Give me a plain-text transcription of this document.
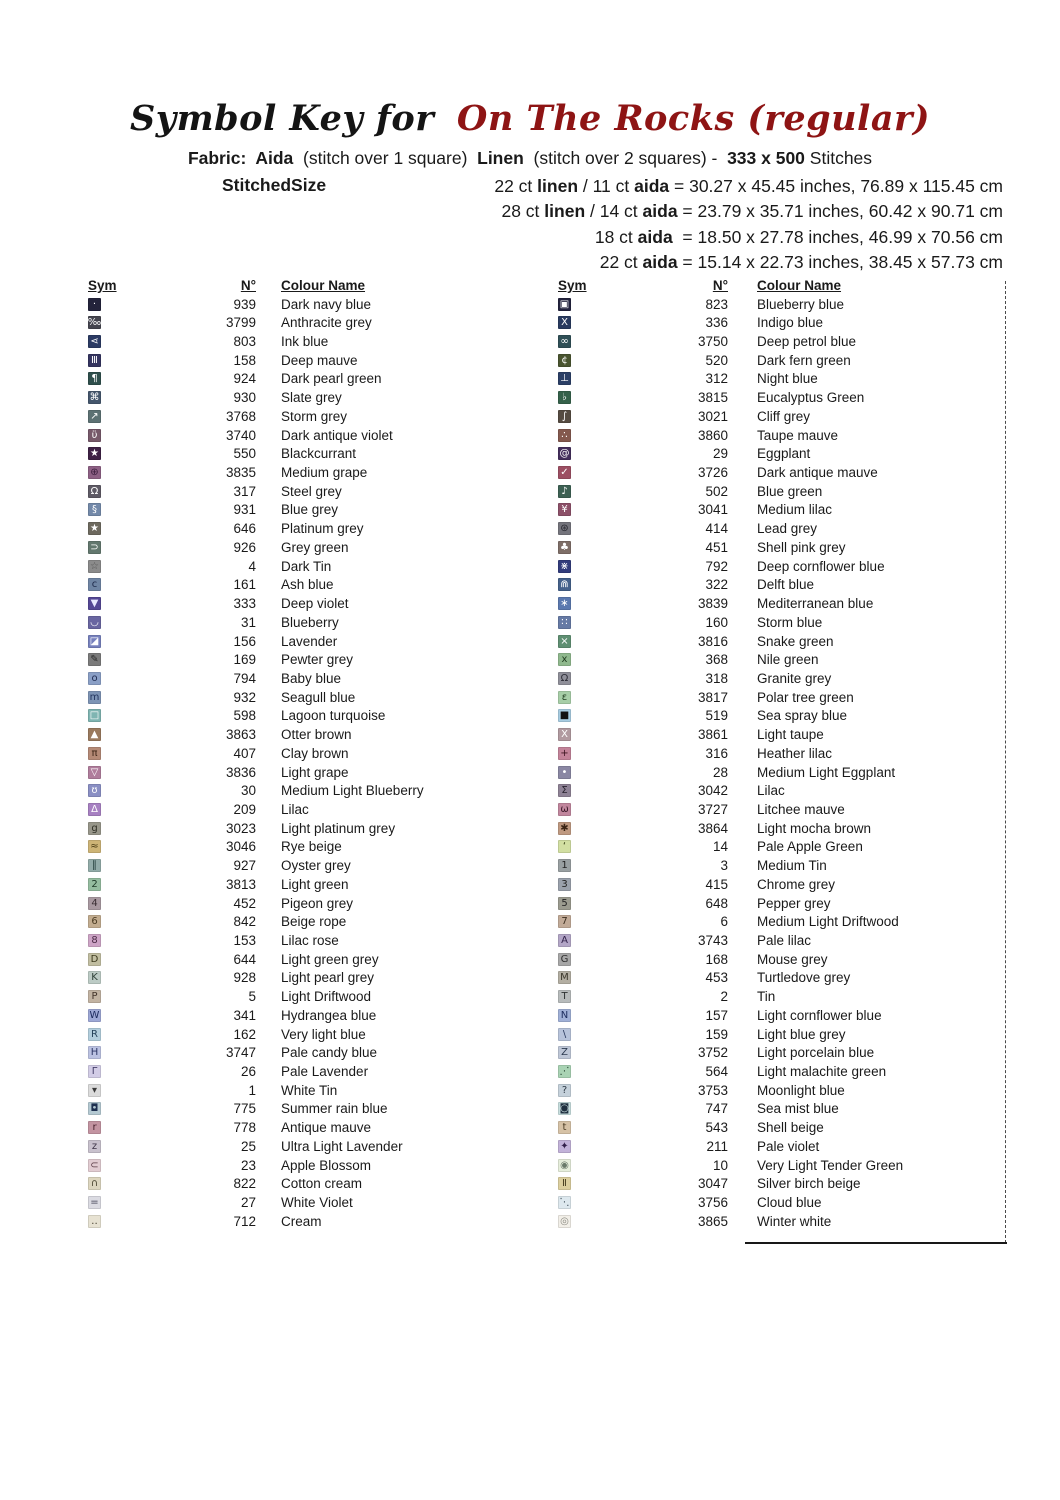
Symbol Key for On The Rocks (regular)
Fabric:  Aida  (stitch over 1 square)  Linen  (stitch over 2 squares) -  333 x 500 Stitches
StitchedSize	22 ct linen / 11 ct aida = 30.27 x 45.45 inches, 76.89 x 115.45 cm
28 ct linen / 14 ct aida = 23.79 x 35.71 inches, 60.42 x 90.71 cm
18 ct aida  = 18.50 x 27.78 inches, 46.99 x 70.56 cm
22 ct aida = 15.14 x 22.73 inches, 38.45 x 57.73 cm
Sym	N°	Colour Name
·	939	Dark navy blue
‰	3799	Anthracite grey
⋖	803	Ink blue
Ⅲ	158	Deep mauve
¶	924	Dark pearl green
⌘	930	Slate grey
↗	3768	Storm grey
ϋ	3740	Dark antique violet
★	550	Blackcurrant
⊕	3835	Medium grape
Ω	317	Steel grey
§	931	Blue grey
★	646	Platinum grey
⊃	926	Grey green
☆	4	Dark Tin
c	161	Ash blue
▼	333	Deep violet
◡	31	Blueberry
◪	156	Lavender
✎	169	Pewter grey
o	794	Baby blue
m	932	Seagull blue
□	598	Lagoon turquoise
▲	3863	Otter brown
π	407	Clay brown
▽	3836	Light grape
ʊ	30	Medium Light Blueberry
Δ	209	Lilac
g	3023	Light platinum grey
≈	3046	Rye beige
∥	927	Oyster grey
2	3813	Light green
4	452	Pigeon grey
6	842	Beige rope
8	153	Lilac rose
D	644	Light green grey
K	928	Light pearl grey
P	5	Light Driftwood
W	341	Hydrangea blue
R	162	Very light blue
H	3747	Pale candy blue
Γ	26	Pale Lavender
▾	1	White Tin
◘	775	Summer rain blue
r	778	Antique mauve
z	25	Ultra Light Lavender
⊂	23	Apple Blossom
∩	822	Cotton cream
=	27	White Violet
‥	712	Cream
Sym	N°	Colour Name
▣	823	Blueberry blue
X	336	Indigo blue
∞	3750	Deep petrol blue
¢	520	Dark fern green
⊥	312	Night blue
♭	3815	Eucalyptus Green
∫	3021	Cliff grey
∴	3860	Taupe mauve
@	29	Eggplant
✓	3726	Dark antique mauve
♪	502	Blue green
¥	3041	Medium lilac
⊛	414	Lead grey
♣	451	Shell pink grey
⋇	792	Deep cornflower blue
⋒	322	Delft blue
∗	3839	Mediterranean blue
∷	160	Storm blue
×	3816	Snake green
x	368	Nile green
Ω	318	Granite grey
ε	3817	Polar tree green
■	519	Sea spray blue
X	3861	Light taupe
+	316	Heather lilac
•	28	Medium Light Eggplant
Σ	3042	Lilac
ω	3727	Litchee mauve
✱	3864	Light mocha brown
‘	14	Pale Apple Green
1	3	Medium Tin
3	415	Chrome grey
5	648	Pepper grey
7	6	Medium Light Driftwood
A	3743	Pale lilac
G	168	Mouse grey
M	453	Turtledove grey
T	2	Tin
N	157	Light cornflower blue
\	159	Light blue grey
Z	3752	Light porcelain blue
⋰	564	Light malachite green
?	3753	Moonlight blue
◙	747	Sea mist blue
t	543	Shell beige
✦	211	Pale violet
◉	10	Very Light Tender Green
Ⅱ	3047	Silver birch beige
⋱	3756	Cloud blue
◎	3865	Winter white
